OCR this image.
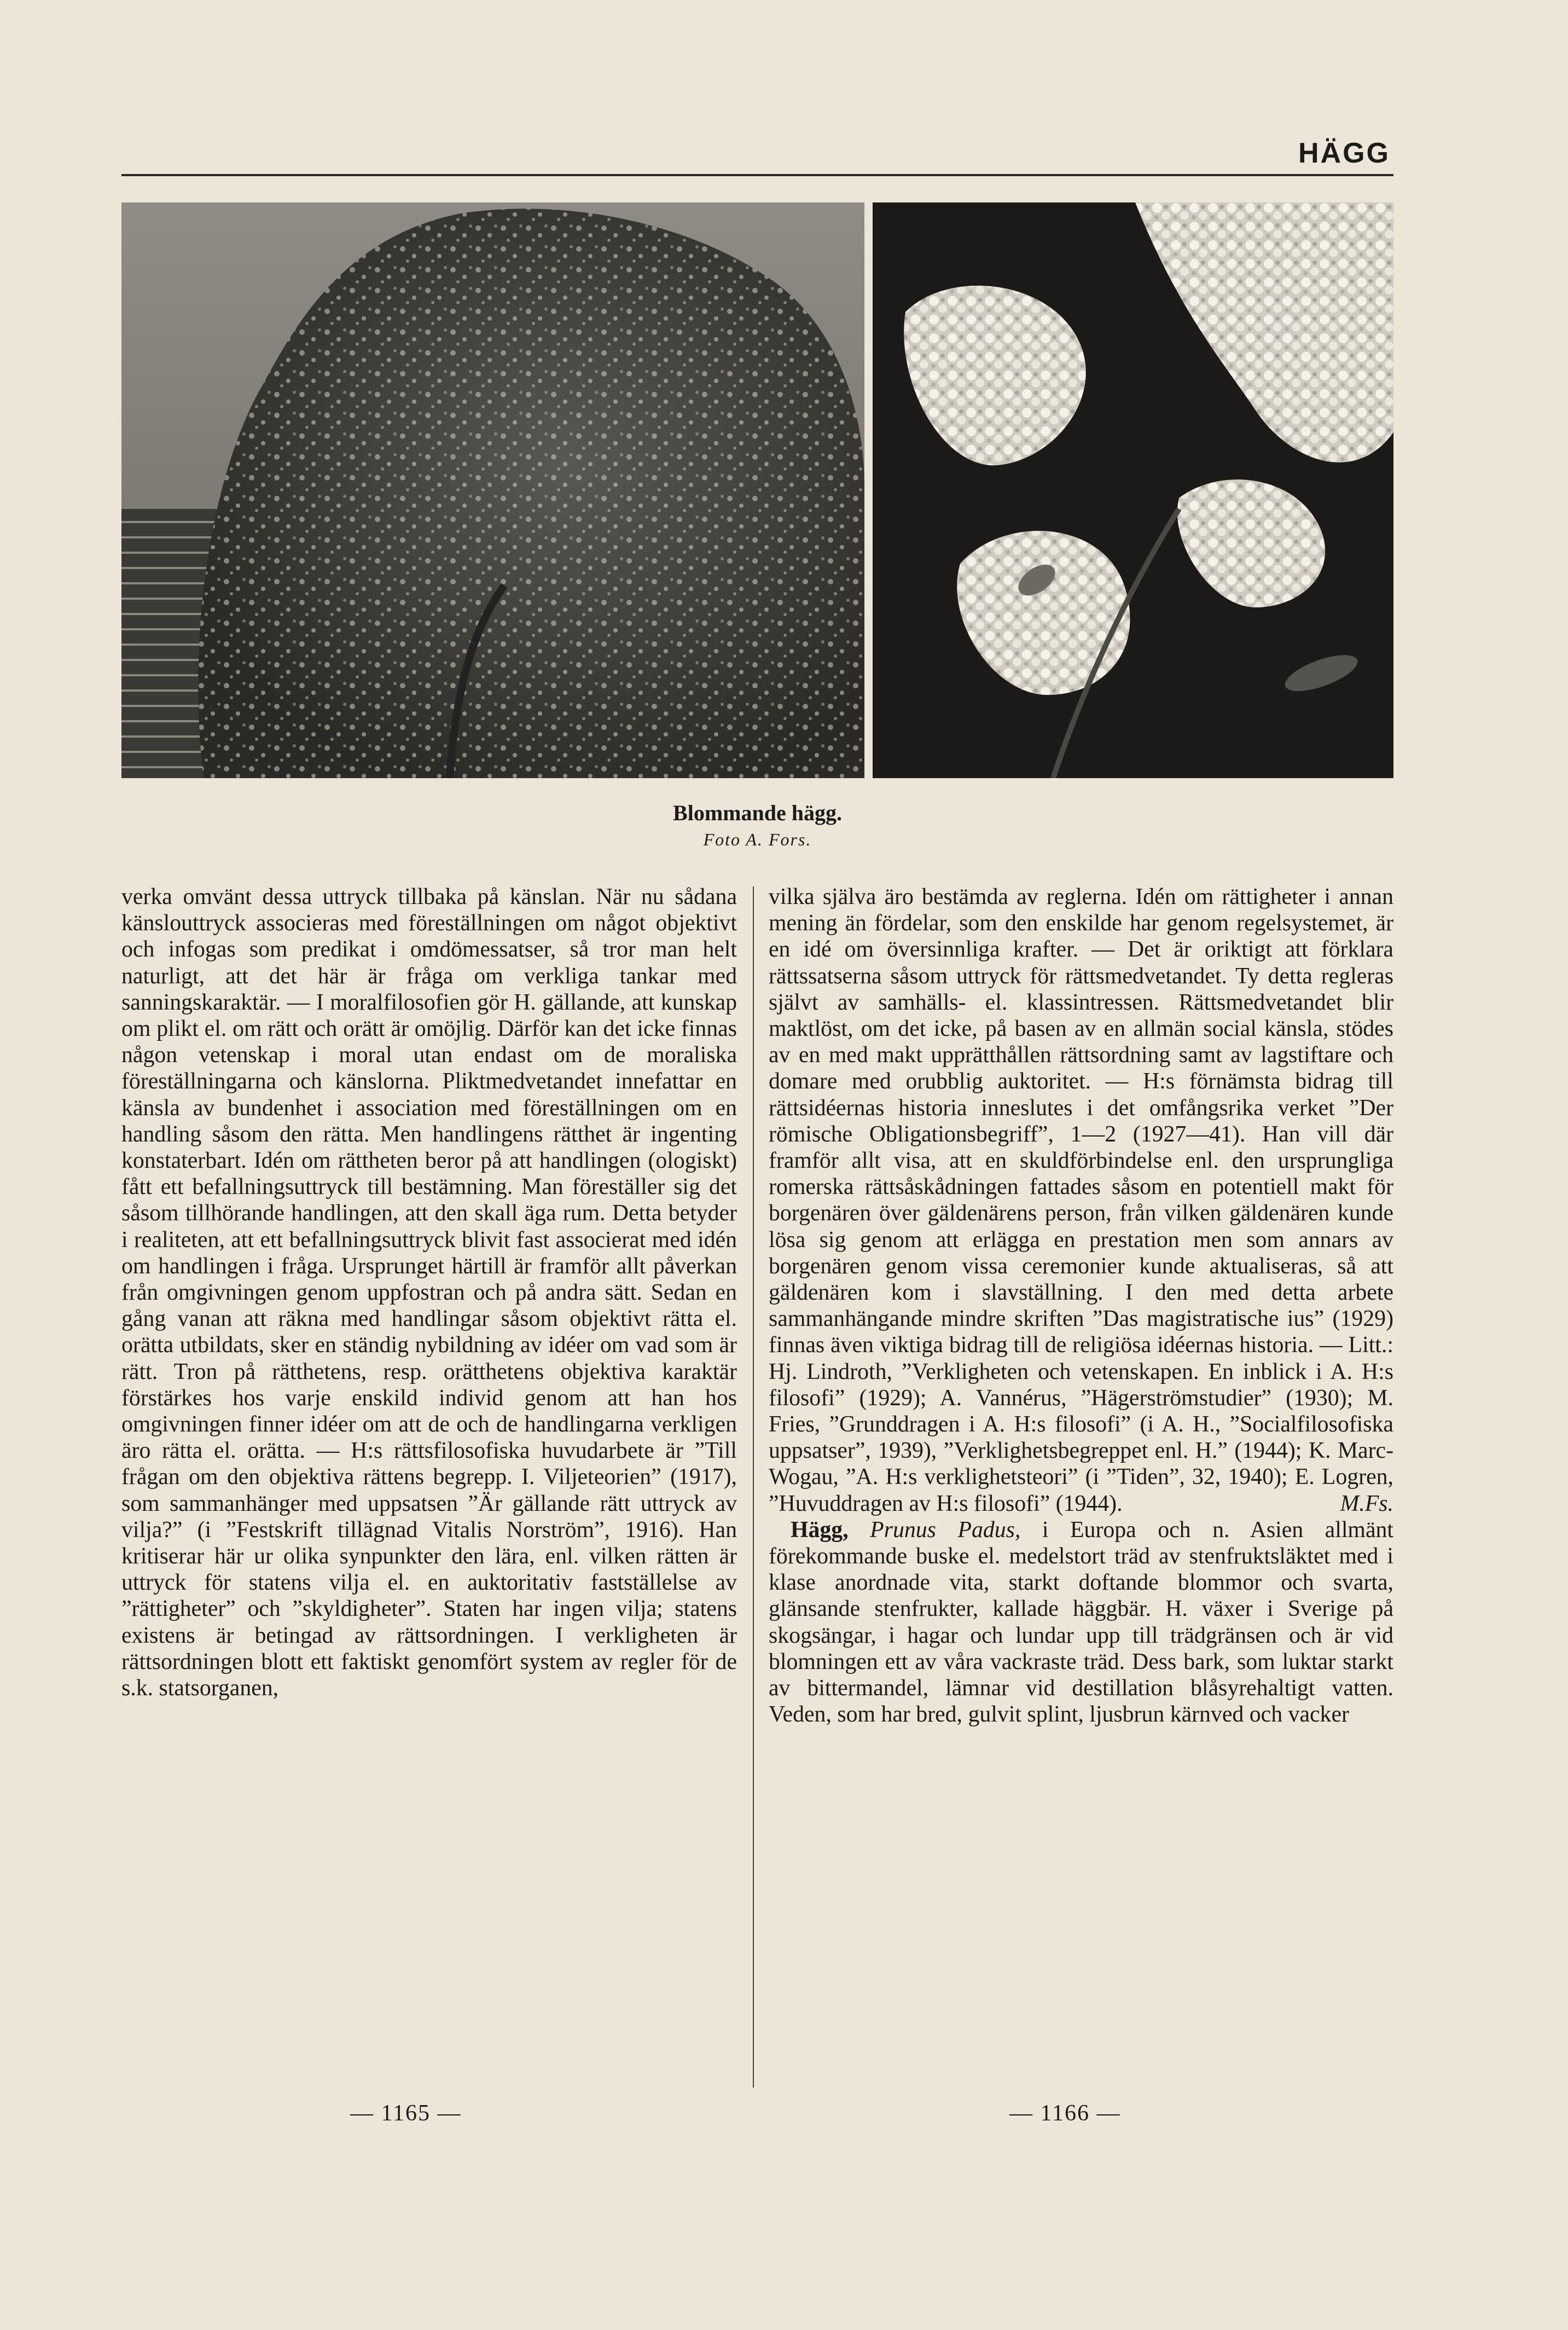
HÄGG
Blommande hägg.
Foto A. Fors.

verka omvänt dessa uttryck tillbaka på känslan. När nu sådana känslouttryck associeras med föreställningen om något objektivt och infogas som predikat i omdömessatser, så tror man helt naturligt, att det här är fråga om verkliga tankar med sanningskaraktär. — I moralfilosofien gör H. gällande, att kunskap om plikt el. om rätt och orätt är omöjlig. Därför kan det icke finnas någon vetenskap i moral utan endast om de moraliska föreställningarna och känslorna. Pliktmedvetandet innefattar en känsla av bundenhet i association med föreställningen om en handling såsom den rätta. Men handlingens rätthet är ingenting konstaterbart. Idén om rättheten beror på att handlingen (ologiskt) fått ett befallningsuttryck till bestämning. Man föreställer sig det såsom tillhörande handlingen, att den skall äga rum. Detta betyder i realiteten, att ett befallningsuttryck blivit fast associerat med idén om handlingen i fråga. Ursprunget härtill är framför allt påverkan från omgivningen genom uppfostran och på andra sätt. Sedan en gång vanan att räkna med handlingar såsom objektivt rätta el. orätta utbildats, sker en ständig nybildning av idéer om vad som är rätt. Tron på rätthetens, resp. orätthetens objektiva karaktär förstärkes hos varje enskild individ genom att han hos omgivningen finner idéer om att de och de handlingarna verkligen äro rätta el. orätta. — H:s rättsfilosofiska huvudarbete är ”Till frågan om den objektiva rättens begrepp. I. Viljeteorien” (1917), som sammanhänger med uppsatsen ”Är gällande rätt uttryck av vilja?” (i ”Festskrift tillägnad Vitalis Norström”, 1916). Han kritiserar här ur olika synpunkter den lära, enl. vilken rätten är uttryck för statens vilja el. en auktoritativ fastställelse av ”rättigheter” och ”skyldigheter”. Staten har ingen vilja; statens existens är betingad av rättsordningen. I verkligheten är rättsordningen blott ett faktiskt genomfört system av regler för de s.k. statsorganen,

vilka själva äro bestämda av reglerna. Idén om rättigheter i annan mening än fördelar, som den enskilde har genom regelsystemet, är en idé om översinnliga krafter. — Det är oriktigt att förklara rättssatserna såsom uttryck för rättsmedvetandet. Ty detta regleras självt av samhälls- el. klassintressen. Rättsmedvetandet blir maktlöst, om det icke, på basen av en allmän social känsla, stödes av en med makt upprätthållen rättsordning samt av lagstiftare och domare med orubblig auktoritet. — H:s förnämsta bidrag till rättsidéernas historia inneslutes i det omfångsrika verket ”Der römische Obligationsbegriff”, 1—2 (1927—41). Han vill där framför allt visa, att en skuldförbindelse enl. den ursprungliga romerska rättsåskådningen fattades såsom en potentiell makt för borgenären över gäldenärens person, från vilken gäldenären kunde lösa sig genom att erlägga en prestation men som annars av borgenären genom vissa ceremonier kunde aktualiseras, så att gäldenären kom i slavställning. I den med detta arbete sammanhängande mindre skriften ”Das magistratische ius” (1929) finnas även viktiga bidrag till de religiösa idéernas historia. — Litt.: Hj. Lindroth, ”Verkligheten och vetenskapen. En inblick i A. H:s filosofi” (1929); A. Vannérus, ”Hägerströmstudier” (1930); M. Fries, ”Grunddragen i A. H:s filosofi” (i A. H., ”Socialfilosofiska uppsatser”, 1939), ”Verklighetsbegreppet enl. H.” (1944); K. Marc-Wogau, ”A. H:s verklighetsteori” (i ”Tiden”, 32, 1940); E. Logren, ”Huvuddragen av H:s filosofi” (1944).	M.Fs.

Hägg, Prunus Padus, i Europa och n. Asien allmänt förekommande buske el. medelstort träd av stenfruktsläktet med i klase anordnade vita, starkt doftande blommor och svarta, glänsande stenfrukter, kallade häggbär. H. växer i Sverige på skogsängar, i hagar och lundar upp till trädgränsen och är vid blomningen ett av våra vackraste träd. Dess bark, som luktar starkt av bittermandel, lämnar vid destillation blåsyrehaltigt vatten. Veden, som har bred, gulvit splint, ljusbrun kärnved och vacker

— 1165 —	— 1166 —
